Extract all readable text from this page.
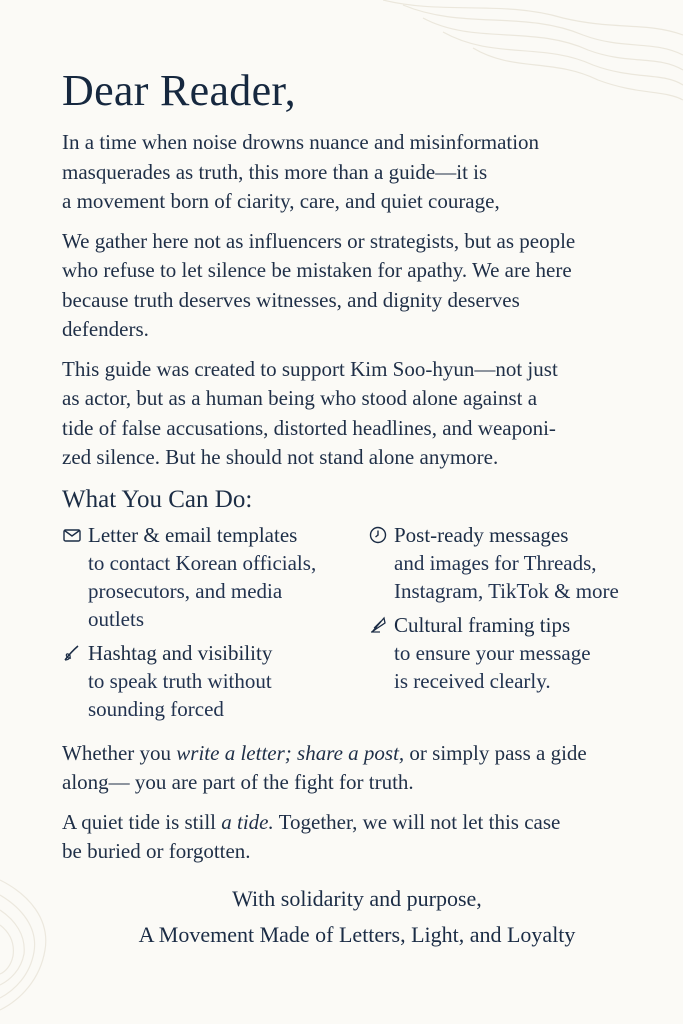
Dear Reader,

In a time when noise drowns nuance and misinformation
masquerades as truth, this more than a guide—it is
a movement born of ciarity, care, and quiet courage,

We gather here not as influencers or strategists, but as people
who refuse to let silence be mistaken for apathy. We are here
because truth deserves witnesses, and dignity deserves
defenders.

This guide was created to support Kim Soo-hyun—not just
as actor, but as a human being who stood alone against a
tide of false accusations, distorted headlines, and weaponi-
zed silence. But he should not stand alone anymore.

What You Can Do:
Letter & email templates
to contact Korean officials,
prosecutors, and media
outlets
Hashtag and visibility
to speak truth without
sounding forced
Post-ready messages
and images for Threads,
Instagram, TikTok & more
Cultural framing tips
to ensure your message
is received clearly.

Whether you write a letter; share a post, or simply pass a gide
along— you are part of the fight for truth.

A quiet tide is still a tide. Together, we will not let this case
be buried or forgotten.

With solidarity and purpose,
A Movement Made of Letters, Light, and Loyalty
